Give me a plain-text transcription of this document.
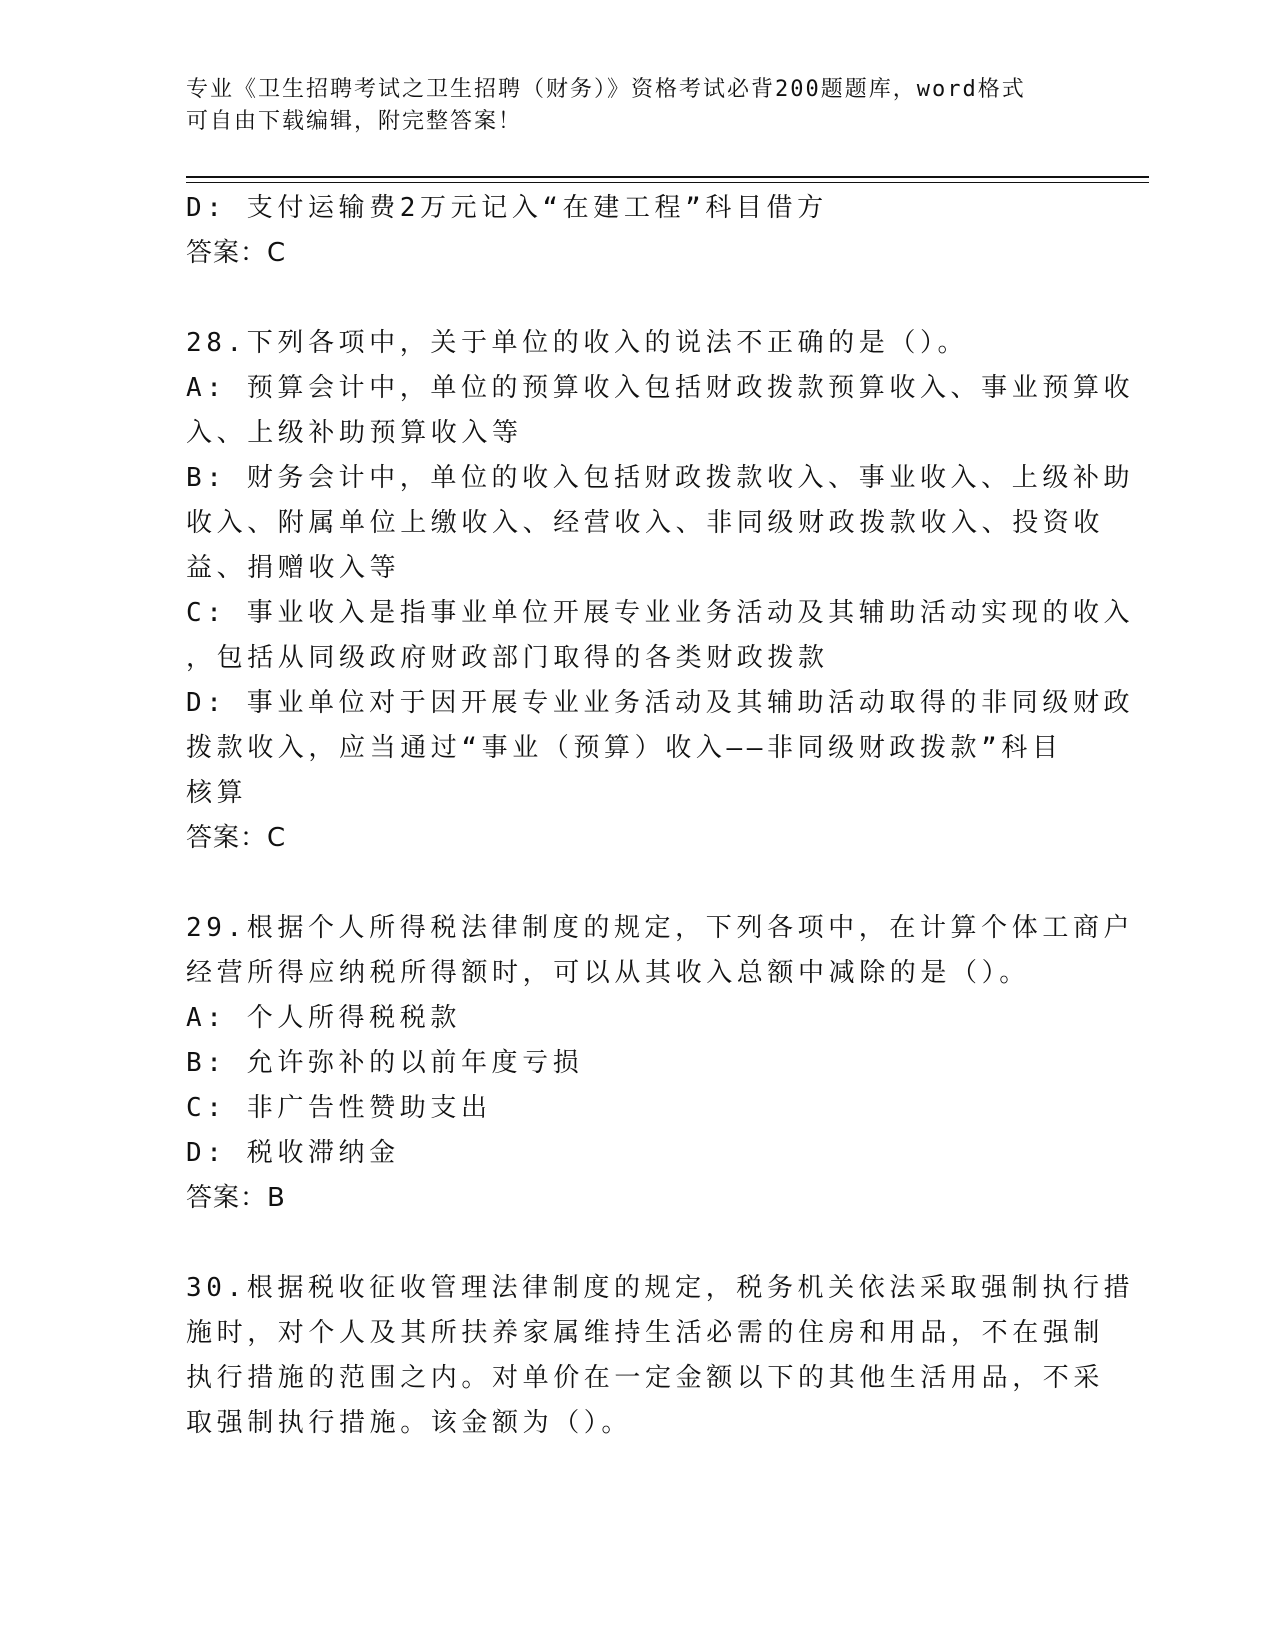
专业《卫生招聘考试之卫生招聘（财务）》资格考试必背200题题库，word格式
可自由下载编辑，附完整答案！
D: 支付运输费2万元记入“在建工程”科目借方
答案：C
28.下列各项中，关于单位的收入的说法不正确的是（）。
A: 预算会计中，单位的预算收入包括财政拨款预算收入、事业预算收
入、上级补助预算收入等
B: 财务会计中，单位的收入包括财政拨款收入、事业收入、上级补助
收入、附属单位上缴收入、经营收入、非同级财政拨款收入、投资收
益、捐赠收入等
C: 事业收入是指事业单位开展专业业务活动及其辅助活动实现的收入
，包括从同级政府财政部门取得的各类财政拨款
D: 事业单位对于因开展专业业务活动及其辅助活动取得的非同级财政
拨款收入，应当通过“事业（预算）收入——非同级财政拨款”科目
核算
答案：C
29.根据个人所得税法律制度的规定，下列各项中，在计算个体工商户
经营所得应纳税所得额时，可以从其收入总额中减除的是（）。
A: 个人所得税税款
B: 允许弥补的以前年度亏损
C: 非广告性赞助支出
D: 税收滞纳金
答案：B
30.根据税收征收管理法律制度的规定，税务机关依法采取强制执行措
施时，对个人及其所扶养家属维持生活必需的住房和用品，不在强制
执行措施的范围之内。对单价在一定金额以下的其他生活用品，不采
取强制执行措施。该金额为（）。
